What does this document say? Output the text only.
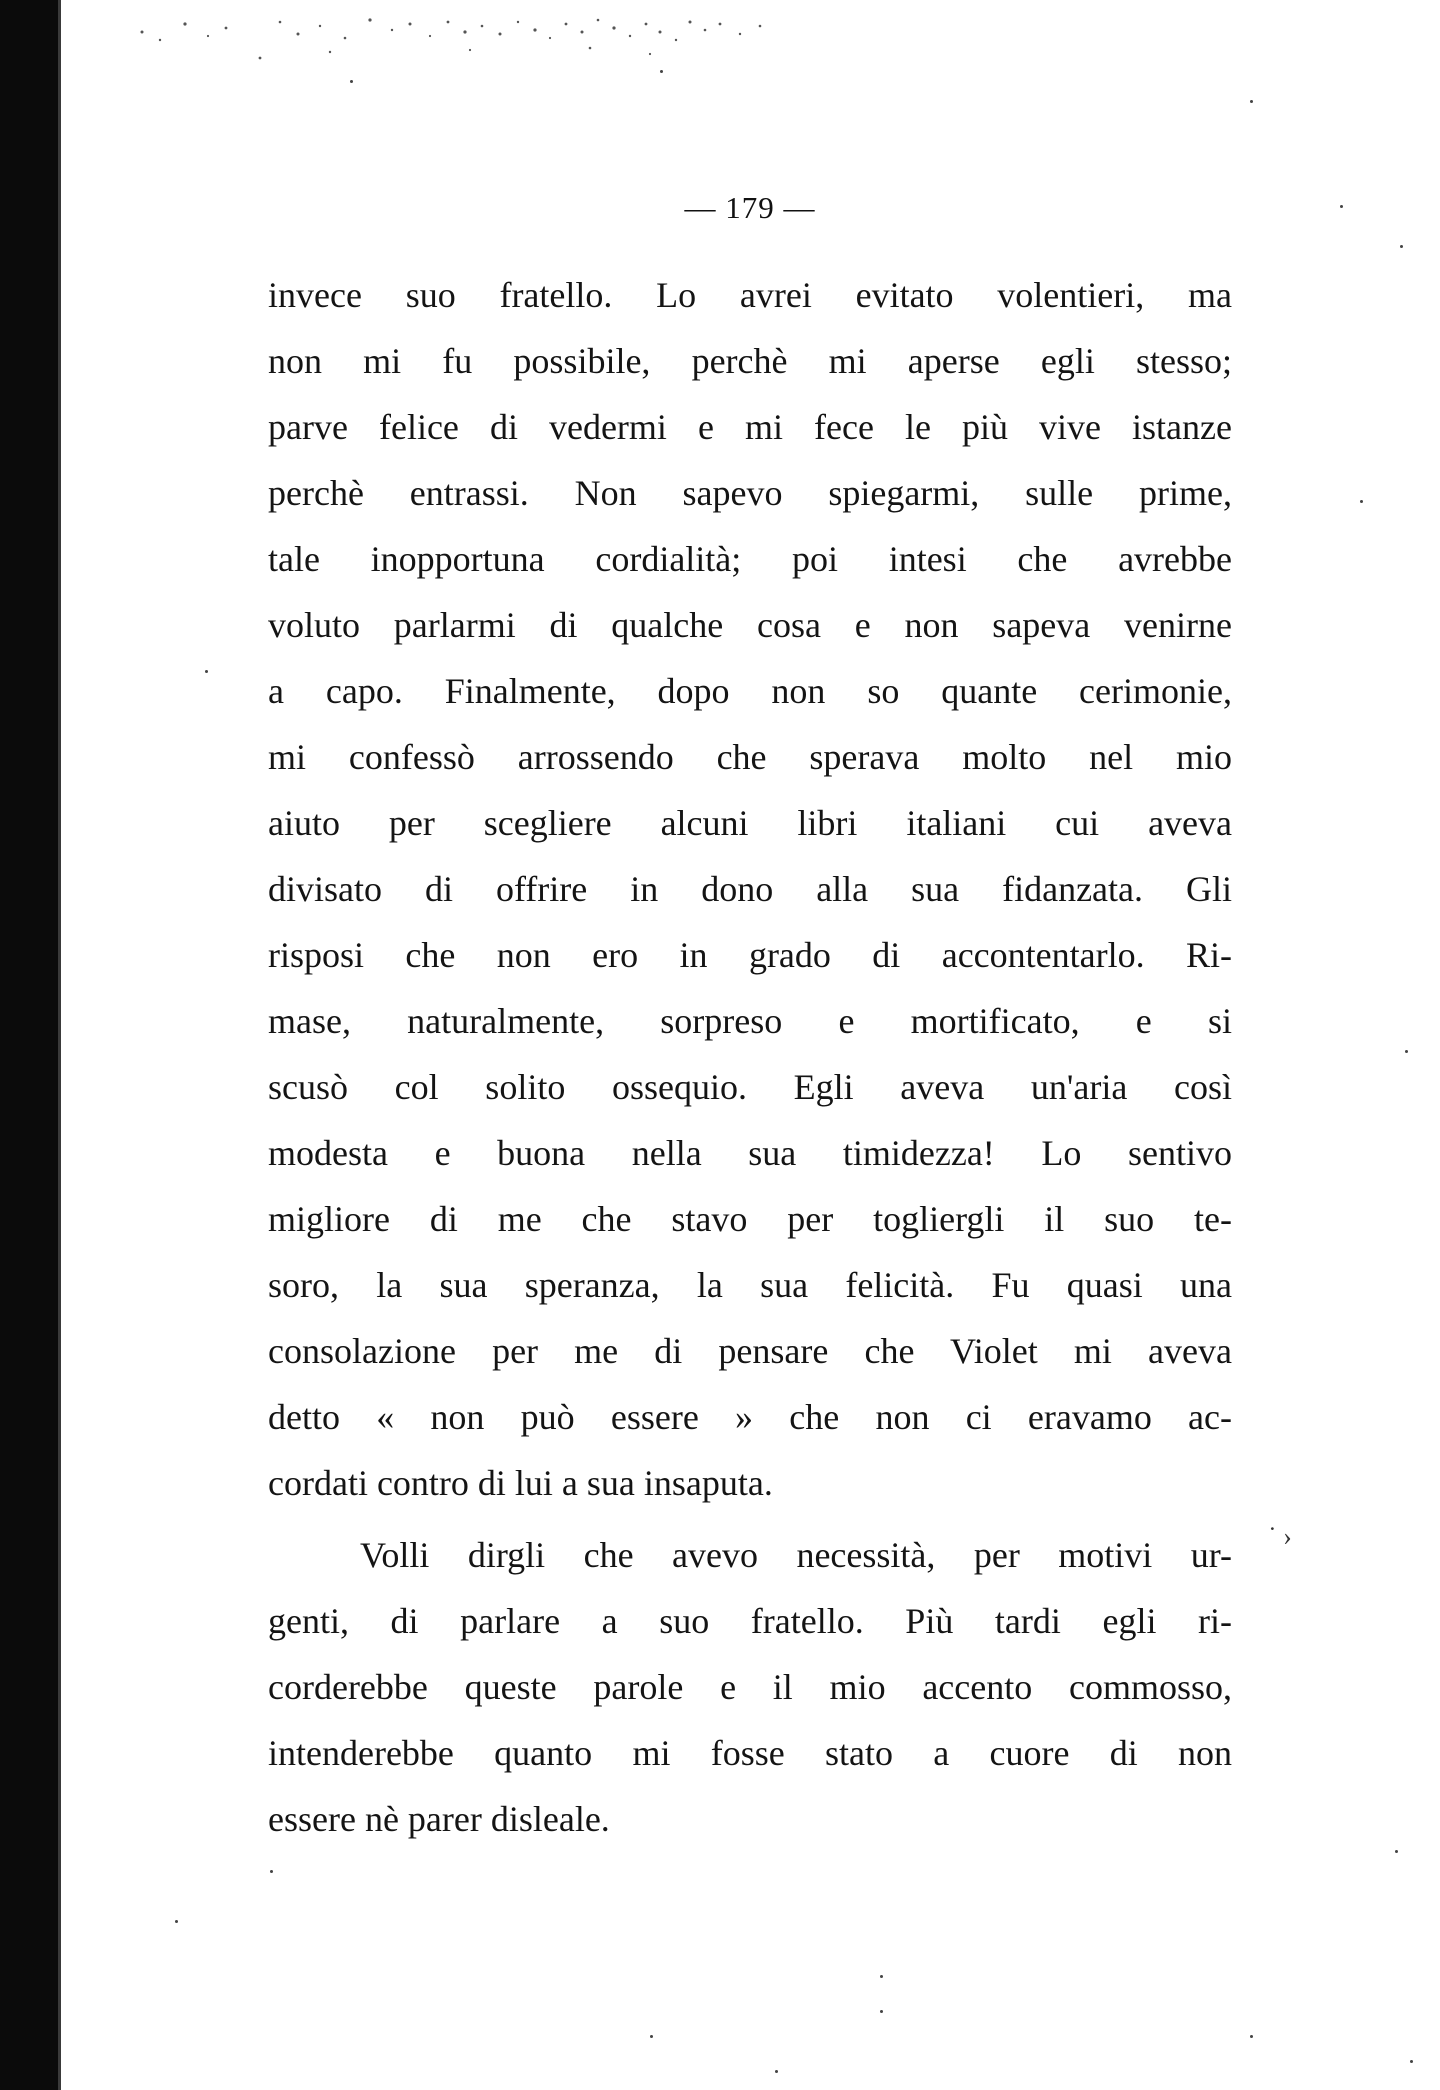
— 179 —
invece suo fratello. Lo avrei evitato volentieri, ma
non mi fu possibile, perchè mi aperse egli stesso;
parve felice di vedermi e mi fece le più vive istanze
perchè entrassi. Non sapevo spiegarmi, sulle prime,
tale inopportuna cordialità; poi intesi che avrebbe
voluto parlarmi di qualche cosa e non sapeva venirne
a capo. Finalmente, dopo non so quante cerimonie,
mi confessò arrossendo che sperava molto nel mio
aiuto per scegliere alcuni libri italiani cui aveva
divisato di offrire in dono alla sua fidanzata. Gli
risposi che non ero in grado di accontentarlo. Ri-
mase, naturalmente, sorpreso e mortificato, e si
scusò col solito ossequio. Egli aveva un'aria così
modesta e buona nella sua timidezza! Lo sentivo
migliore di me che stavo per togliergli il suo te-
soro, la sua speranza, la sua felicità. Fu quasi una
consolazione per me di pensare che Violet mi aveva
detto « non può essere » che non ci eravamo ac-
cordati contro di lui a sua insaputa.
Volli dirgli che avevo necessità, per motivi ur-
genti, di parlare a suo fratello. Più tardi egli ri-
corderebbe queste parole e il mio accento commosso,
intenderebbe quanto mi fosse stato a cuore di non
essere nè parer disleale.
˙ ›
